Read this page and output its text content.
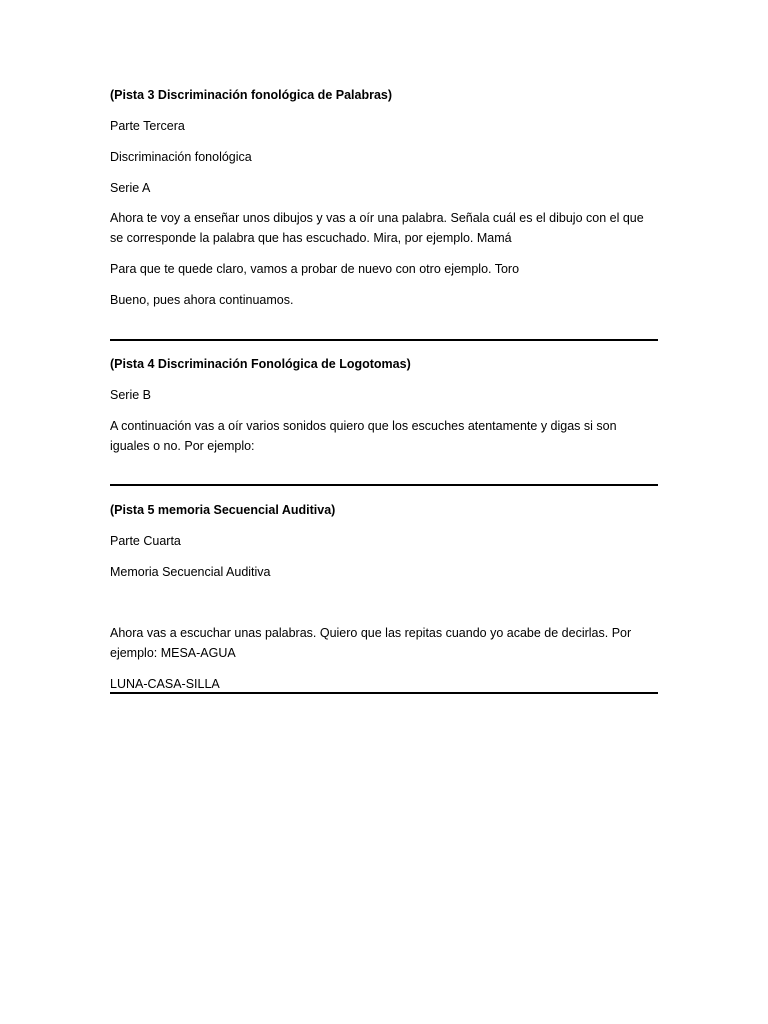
(Pista 3 Discriminación fonológica de Palabras)

Parte Tercera

Discriminación fonológica

Serie A

Ahora te voy a enseñar unos dibujos y vas a oír una palabra. Señala cuál es el dibujo con el que

se corresponde la palabra que has escuchado. Mira, por ejemplo. Mamá

Para que te quede claro, vamos a probar de nuevo con otro ejemplo. Toro

Bueno, pues ahora continuamos.

(Pista 4 Discriminación Fonológica de Logotomas)

Serie B

A continuación vas a oír varios sonidos quiero que los escuches atentamente y digas si son

iguales o no. Por ejemplo:

(Pista 5 memoria Secuencial Auditiva)

Parte Cuarta

Memoria Secuencial Auditiva

Ahora vas a escuchar unas palabras. Quiero que las repitas cuando yo acabe de decirlas. Por

ejemplo: MESA-AGUA

LUNA-CASA-SILLA
